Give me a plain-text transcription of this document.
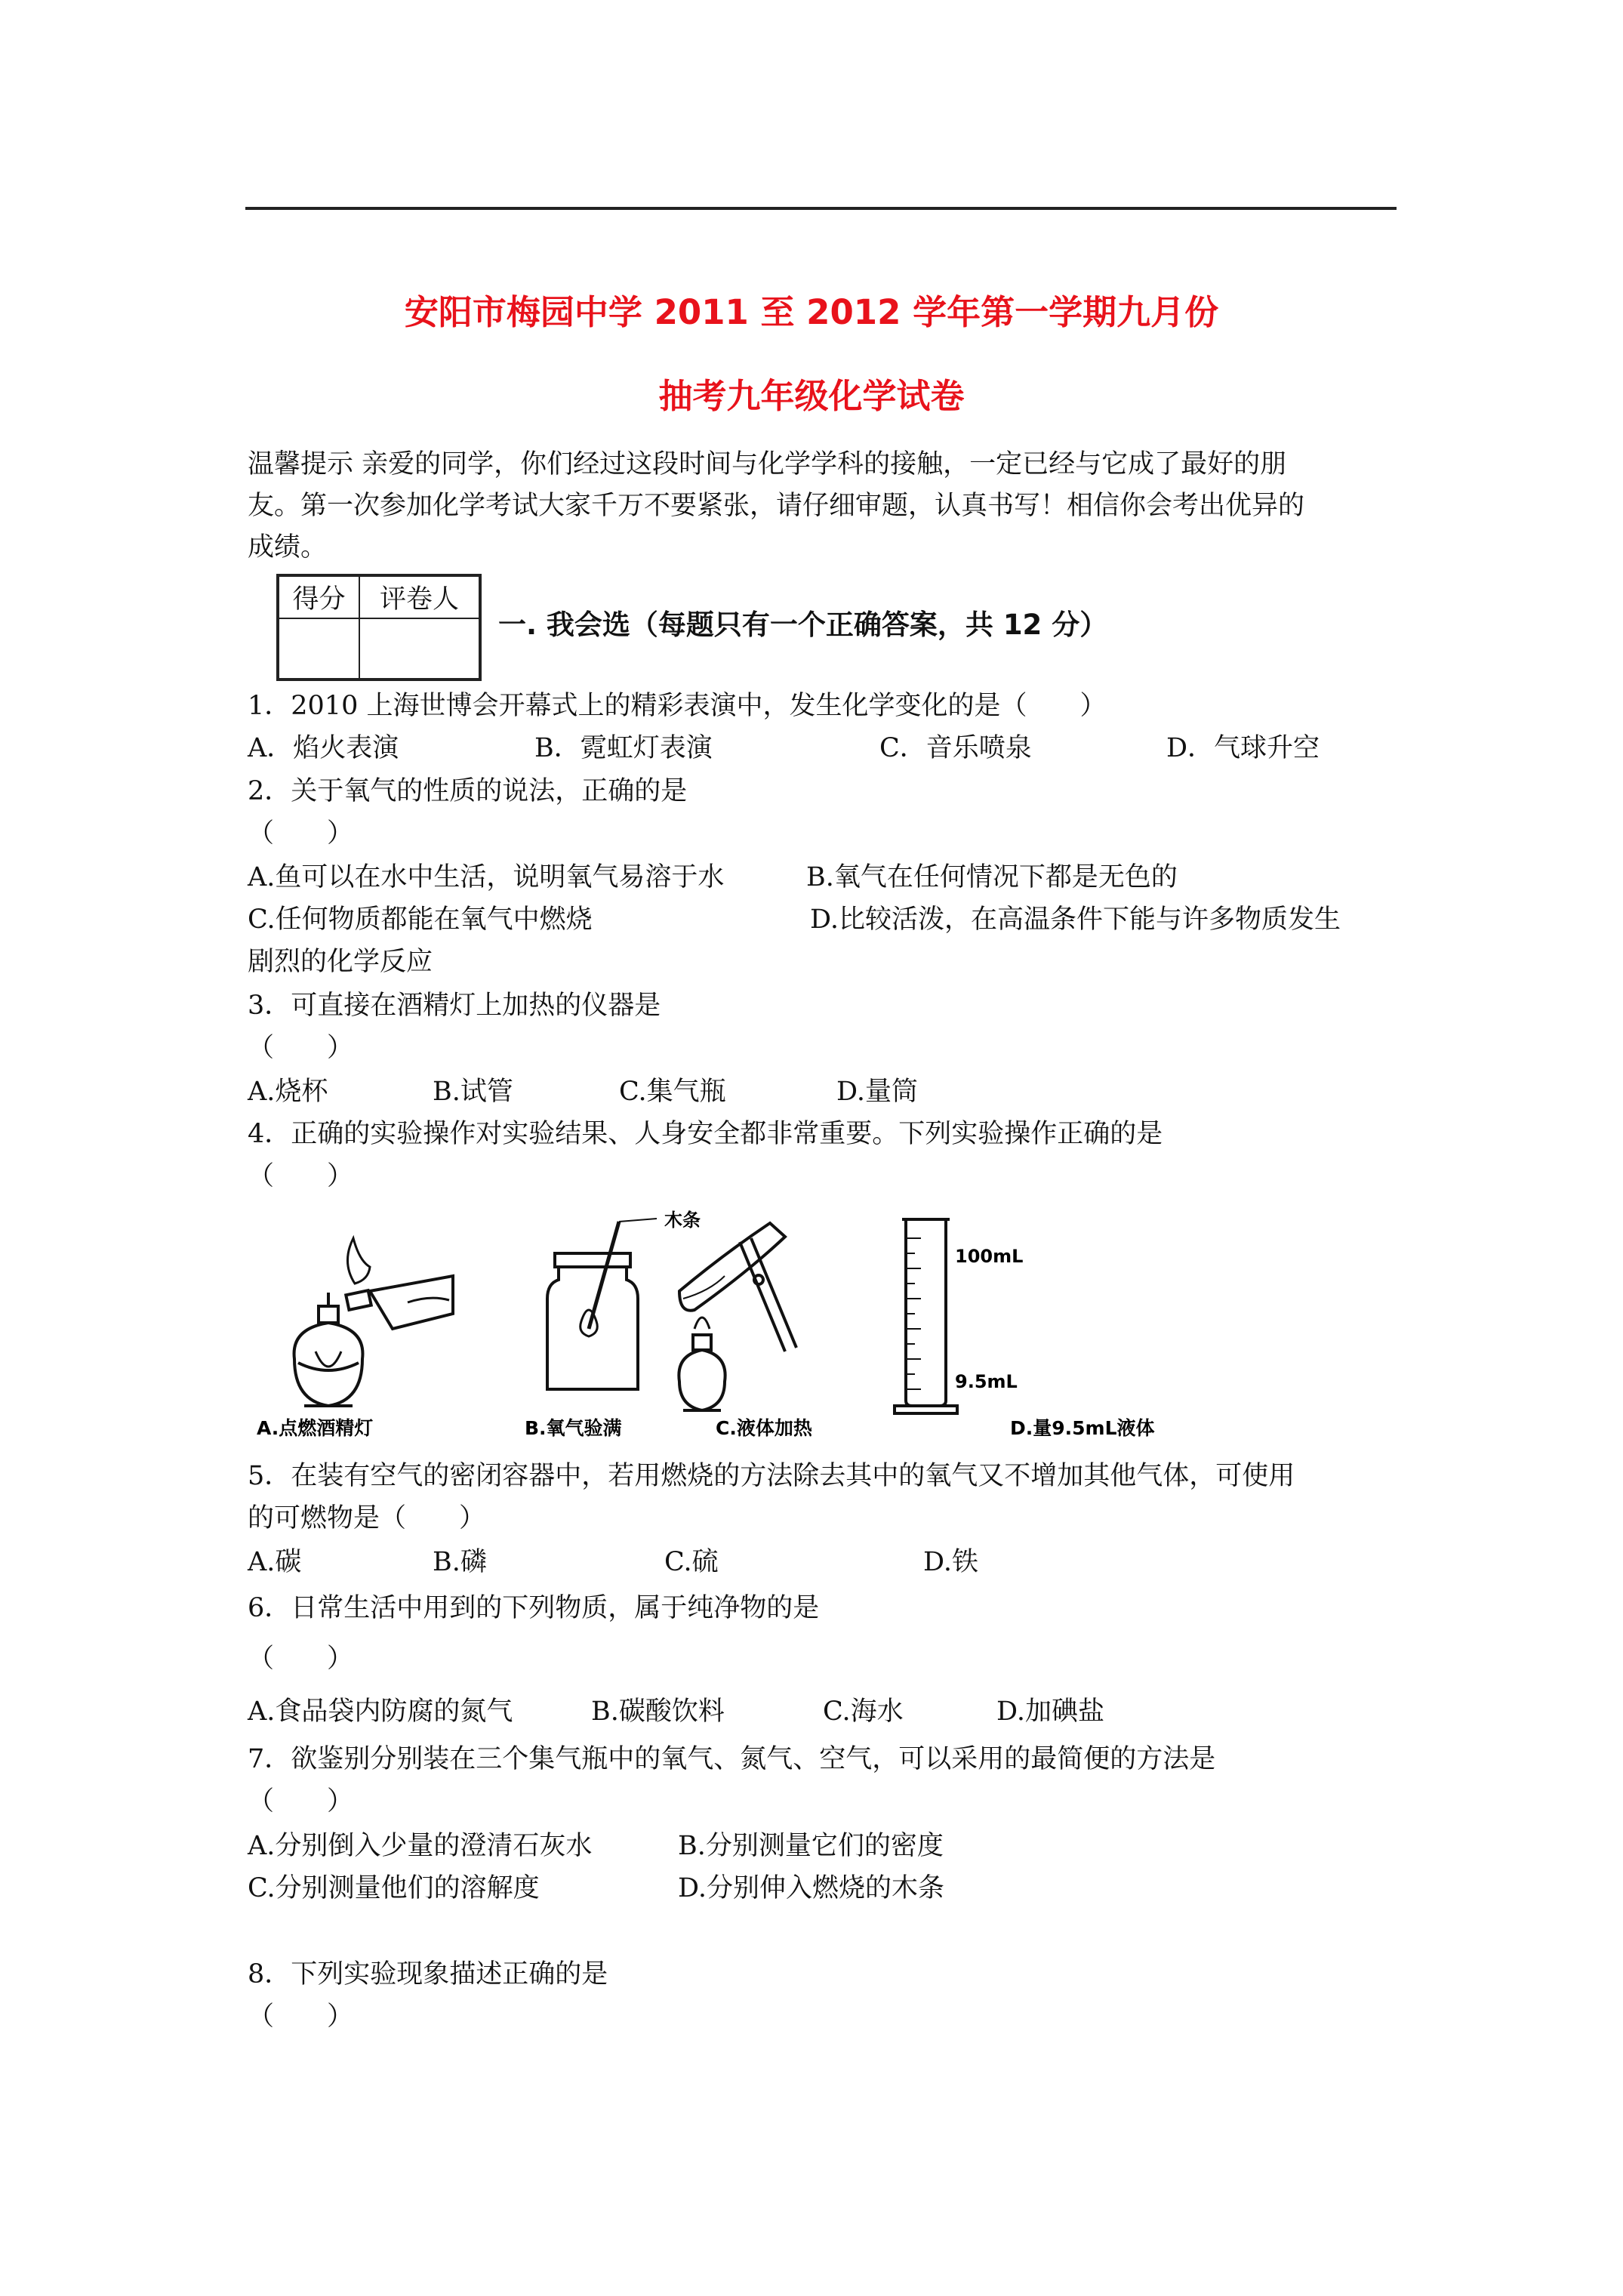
安阳市梅园中学 2011 至 2012 学年第一学期九月份
抽考九年级化学试卷
温馨提示 亲爱的同学，你们经过这段时间与化学学科的接触，一定已经与它成了最好的朋
友。第一次参加化学考试大家千万不要紧张，请仔细审题，认真书写！相信你会考出优异的
成绩。
得分	评卷人

一. 我会选（每题只有一个正确答案，共 12 分）
1．2010 上海世博会开幕式上的精彩表演中，发生化学变化的是（　　）
A．焰火表演	B．霓虹灯表演	C．音乐喷泉	D．气球升空
2．关于氧气的性质的说法，正确的是
（　　）
A.鱼可以在水中生活，说明氧气易溶于水	B.氧气在任何情况下都是无色的
C.任何物质都能在氧气中燃烧	D.比较活泼，在高温条件下能与许多物质发生
剧烈的化学反应
3．可直接在酒精灯上加热的仪器是
（　　）
A.烧杯	B.试管	C.集气瓶	D.量筒
4．正确的实验操作对实验结果、人身安全都非常重要。下列实验操作正确的是
（　　）
木条
100mL
9.5mL
A.点燃酒精灯	B.氧气验满	C.液体加热	D.量9.5mL液体
5．在装有空气的密闭容器中，若用燃烧的方法除去其中的氧气又不增加其他气体，可使用
的可燃物是（　　）
A.碳	B.磷	C.硫	D.铁
6．日常生活中用到的下列物质，属于纯净物的是
（　　）
A.食品袋内防腐的氮气	B.碳酸饮料	C.海水	D.加碘盐
7．欲鉴别分别装在三个集气瓶中的氧气、氮气、空气，可以采用的最简便的方法是
（　　）
A.分别倒入少量的澄清石灰水	B.分别测量它们的密度
C.分别测量他们的溶解度	D.分别伸入燃烧的木条
8．下列实验现象描述正确的是
（　　）
